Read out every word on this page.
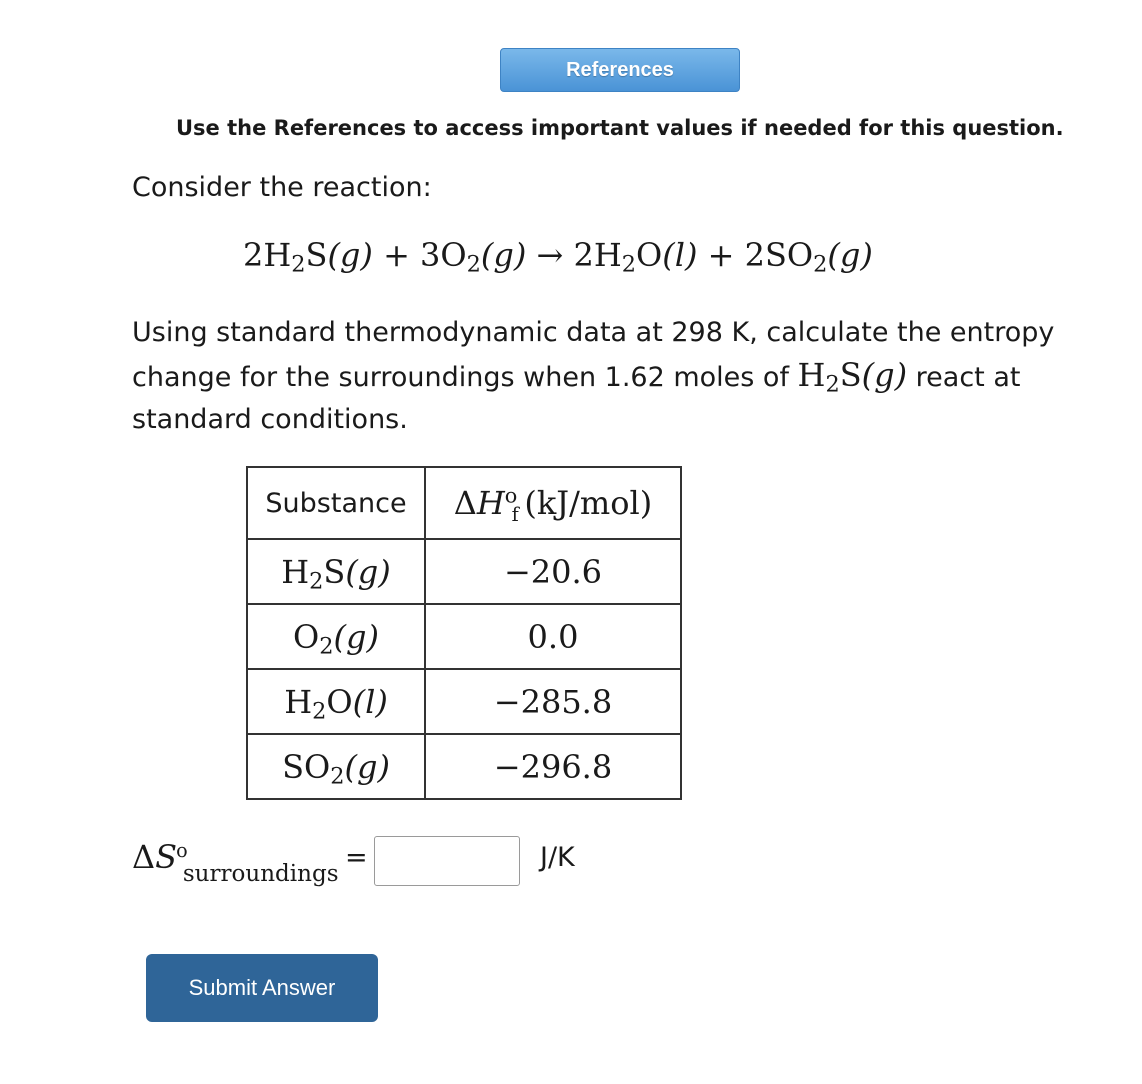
References
Use the References to access important values if needed for this question.
Consider the reaction:
$2H_2S(g) + 3O_2(g) \to 2H_2O(l) + 2SO_2(g)$
Using standard thermodynamic data at 298 K, calculate the entropy change for the surroundings when 1.62 moles of $H_2S(g)$ react at standard conditions.
Substance	$\Delta H^o_f$ (kJ/mol)
$H_2S(g)$	−20.6
$O_2(g)$	0.0
$H_2O(l)$	−285.8
$SO_2(g)$	−296.8
$\Delta S^o_{surroundings}$
=	J/K
Submit Answer
